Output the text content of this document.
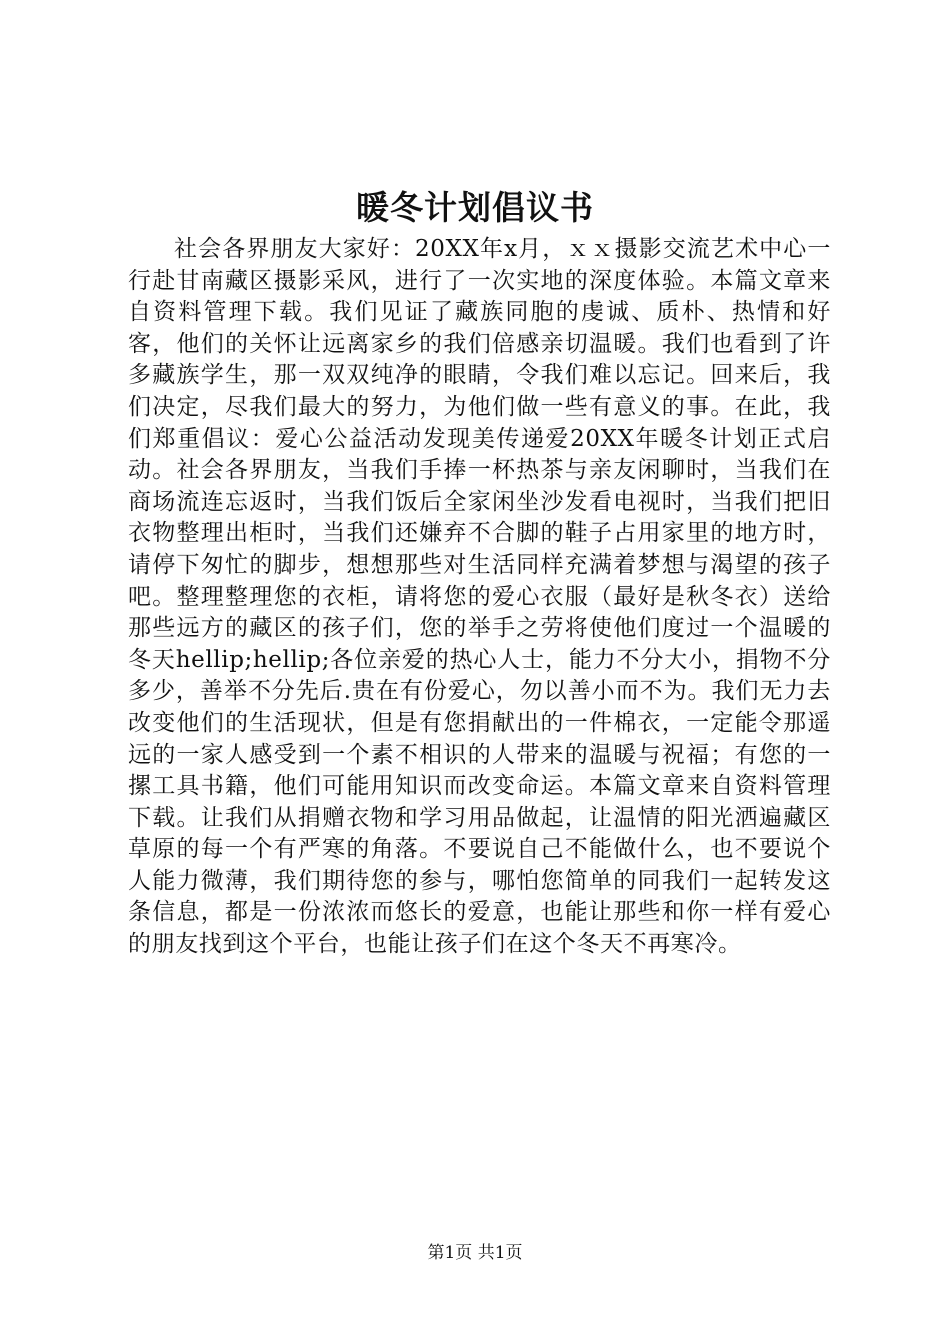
暖冬计划倡议书

社会各界朋友大家好：20XX年x月，ｘｘ摄影交流艺术中心一行赴甘南藏区摄影采风，进行了一次实地的深度体验。本篇文章来自资料管理下载。我们见证了藏族同胞的虔诚、质朴、热情和好客，他们的关怀让远离家乡的我们倍感亲切温暖。我们也看到了许多藏族学生，那一双双纯净的眼睛，令我们难以忘记。回来后，我们决定，尽我们最大的努力，为他们做一些有意义的事。在此，我们郑重倡议：爱心公益活动发现美传递爱20XX年暖冬计划正式启动。社会各界朋友，当我们手捧一杯热茶与亲友闲聊时，当我们在商场流连忘返时，当我们饭后全家闲坐沙发看电视时，当我们把旧衣物整理出柜时，当我们还嫌弃不合脚的鞋子占用家里的地方时，请停下匆忙的脚步，想想那些对生活同样充满着梦想与渴望的孩子吧。整理整理您的衣柜，请将您的爱心衣服（最好是秋冬衣）送给那些远方的藏区的孩子们，您的举手之劳将使他们度过一个温暖的冬天hellip;hellip;各位亲爱的热心人士，能力不分大小，捐物不分多少，善举不分先后.贵在有份爱心，勿以善小而不为。我们无力去改变他们的生活现状，但是有您捐献出的一件棉衣，一定能令那遥远的一家人感受到一个素不相识的人带来的温暖与祝福；有您的一摞工具书籍，他们可能用知识而改变命运。本篇文章来自资料管理下载。让我们从捐赠衣物和学习用品做起，让温情的阳光洒遍藏区草原的每一个有严寒的角落。不要说自己不能做什么，也不要说个人能力微薄，我们期待您的参与，哪怕您简单的同我们一起转发这条信息，都是一份浓浓而悠长的爱意，也能让那些和你一样有爱心的朋友找到这个平台，也能让孩子们在这个冬天不再寒冷。

第1页 共1页
